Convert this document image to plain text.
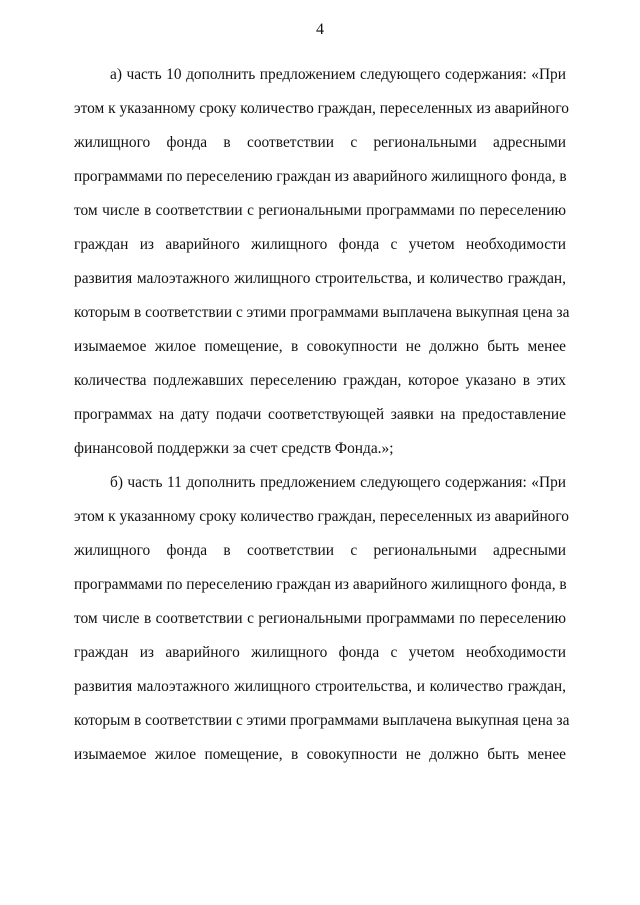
4
а) часть 10 дополнить предложением следующего содержания: «При
этом к указанному сроку количество граждан, переселенных из аварийного
жилищного фонда в соответствии с региональными адресными
программами по переселению граждан из аварийного жилищного фонда, в
том числе в соответствии с региональными программами по переселению
граждан из аварийного жилищного фонда с учетом необходимости
развития малоэтажного жилищного строительства, и количество граждан,
которым в соответствии с этими программами выплачена выкупная цена за
изымаемое жилое помещение, в совокупности не должно быть менее
количества подлежавших переселению граждан, которое указано в этих
программах на дату подачи соответствующей заявки на предоставление
финансовой поддержки за счет средств Фонда.»;
б) часть 11 дополнить предложением следующего содержания: «При
этом к указанному сроку количество граждан, переселенных из аварийного
жилищного фонда в соответствии с региональными адресными
программами по переселению граждан из аварийного жилищного фонда, в
том числе в соответствии с региональными программами по переселению
граждан из аварийного жилищного фонда с учетом необходимости
развития малоэтажного жилищного строительства, и количество граждан,
которым в соответствии с этими программами выплачена выкупная цена за
изымаемое жилое помещение, в совокупности не должно быть менее
